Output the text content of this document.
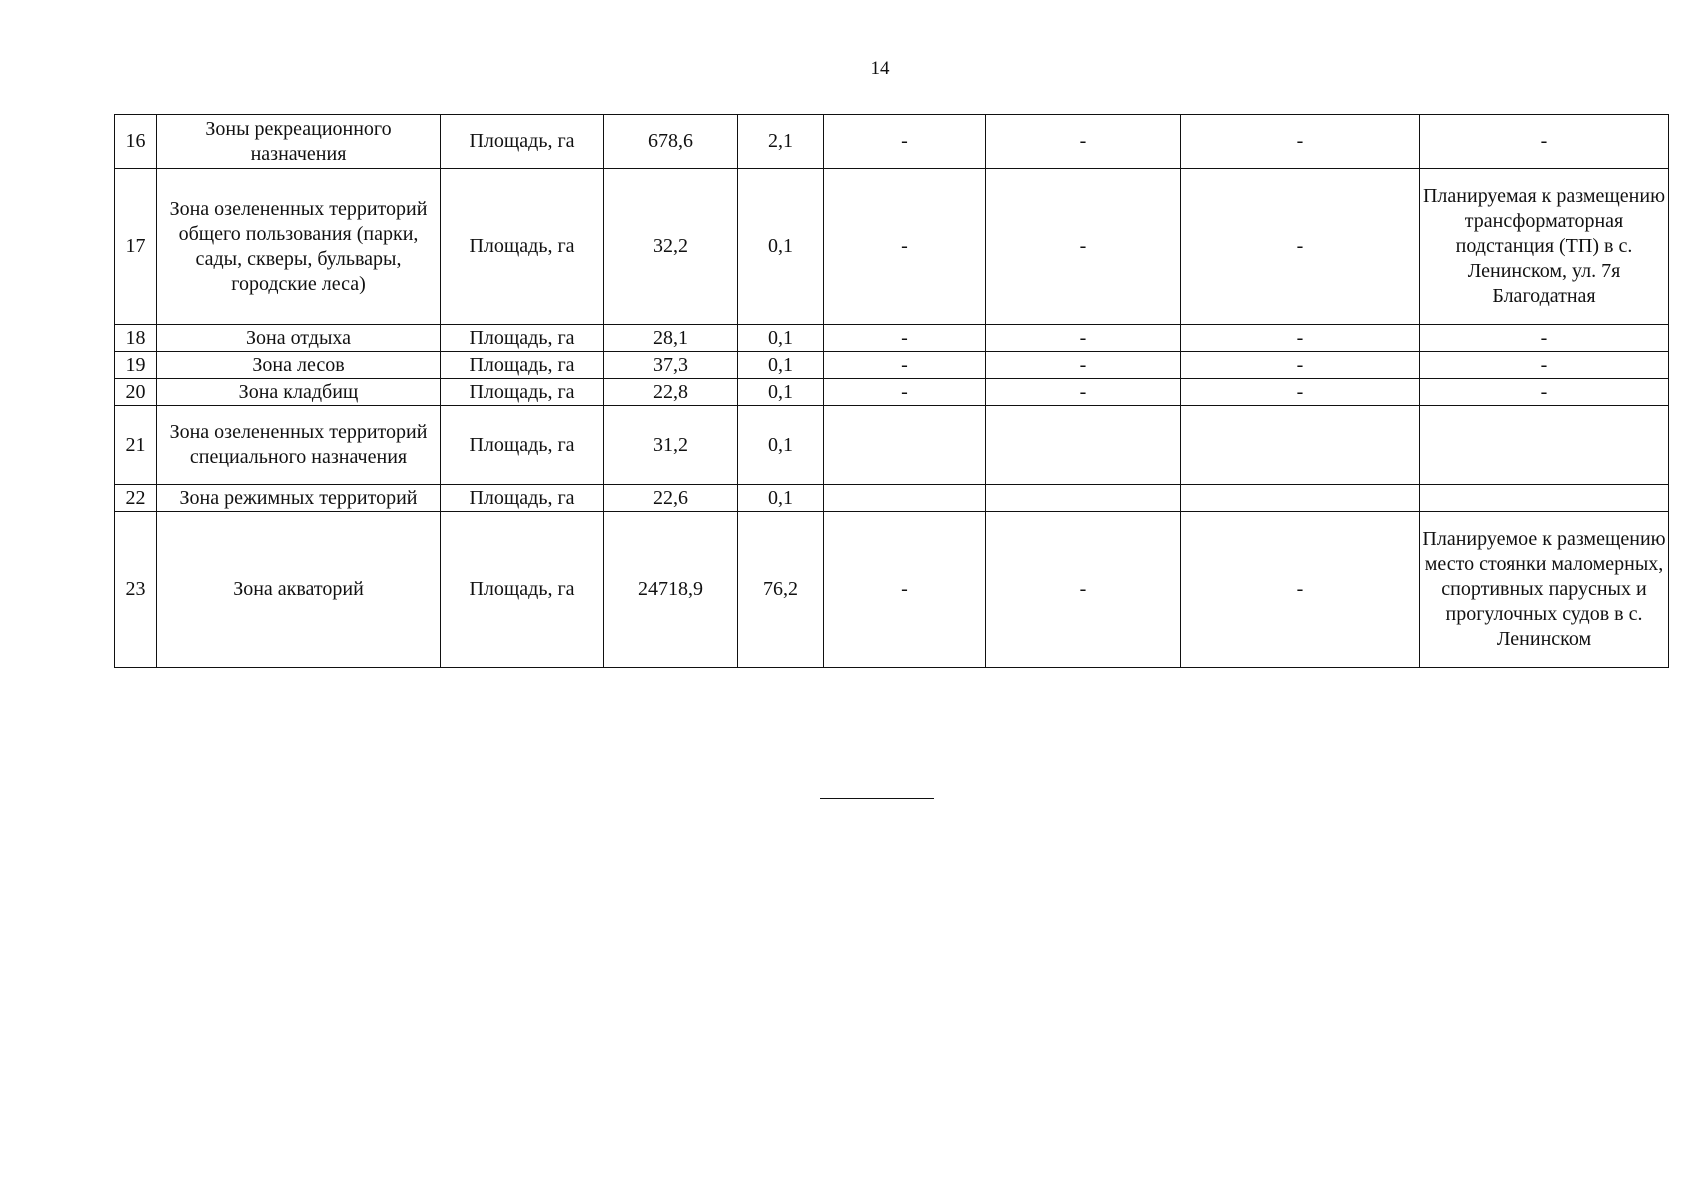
14
16	Зоны рекреационного назначения	Площадь, га	678,6	2,1	-	-	-	-
17	Зона озелененных территорий общего пользования (парки, сады, скверы, бульвары, городские леса)	Площадь, га	32,2	0,1	-	-	-	Планируемая к размещению трансформаторная подстанция (ТП) в с. Ленинском, ул. 7я Благодатная
18	Зона отдыха	Площадь, га	28,1	0,1	-	-	-	-
19	Зона лесов	Площадь, га	37,3	0,1	-	-	-	-
20	Зона кладбищ	Площадь, га	22,8	0,1	-	-	-	-
21	Зона озелененных территорий специального назначения	Площадь, га	31,2	0,1				
22	Зона режимных территорий	Площадь, га	22,6	0,1				
23	Зона акваторий	Площадь, га	24718,9	76,2	-	-	-	Планируемое к размещению место стоянки маломерных, спортивных парусных и прогулочных судов в с. Ленинском
